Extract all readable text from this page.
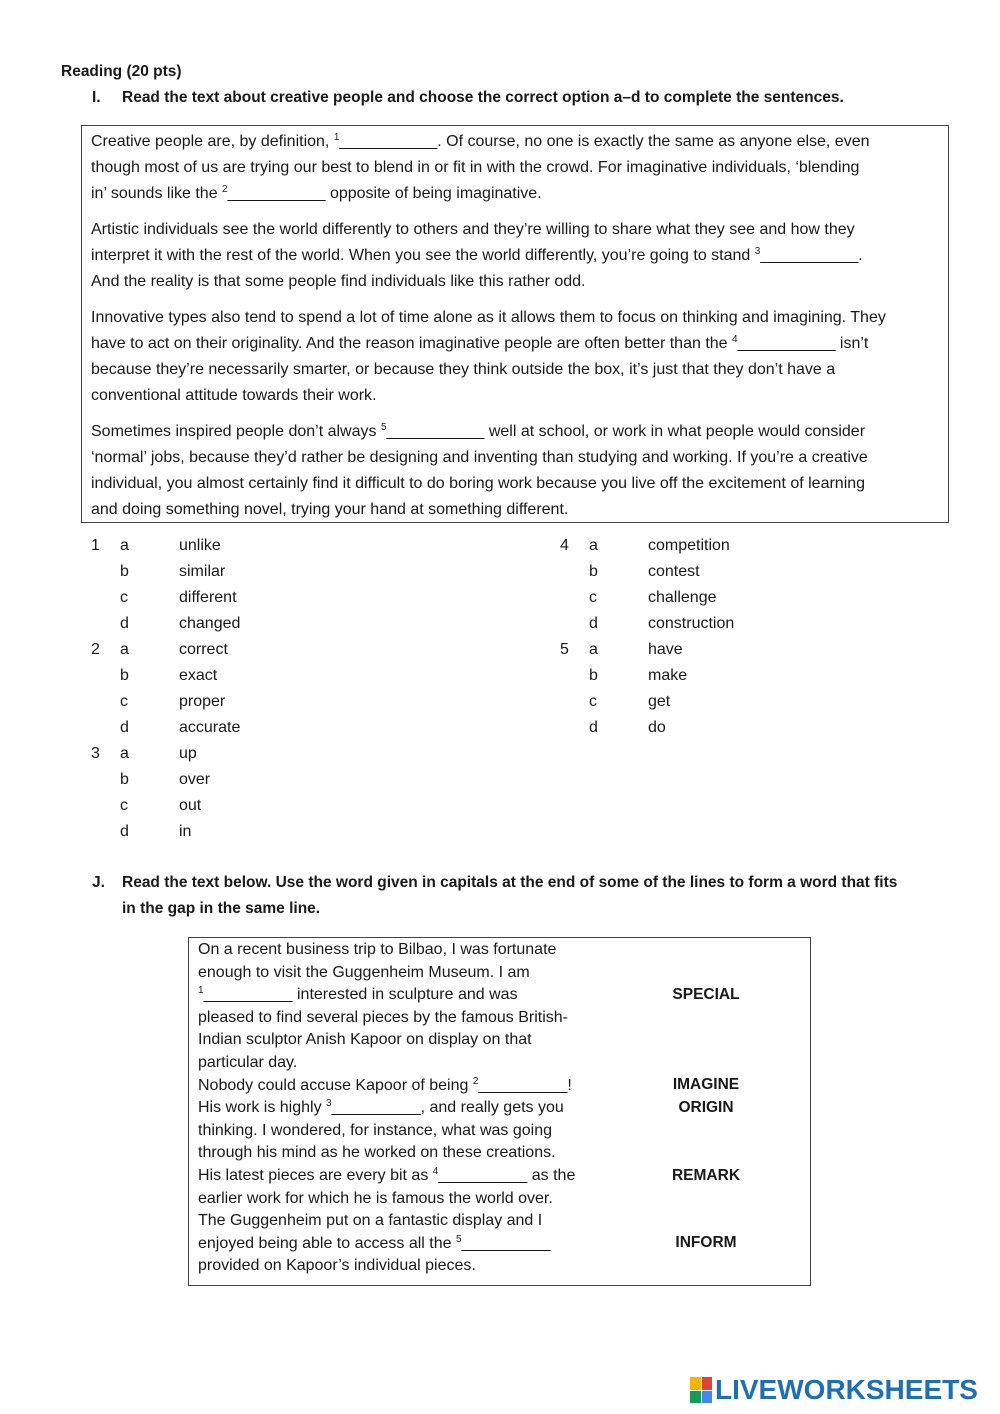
Reading (20 pts)
I. Read the text about creative people and choose the correct option a–d to complete the sentences.

Creative people are, by definition, $^1$___________. Of course, no one is exactly the same as anyone else, even
though most of us are trying our best to blend in or fit in with the crowd. For imaginative individuals, ‘blending
in’ sounds like the $^2$___________ opposite of being imaginative.

Artistic individuals see the world differently to others and they’re willing to share what they see and how they
interpret it with the rest of the world. When you see the world differently, you’re going to stand $^3$___________.
And the reality is that some people find individuals like this rather odd.

Innovative types also tend to spend a lot of time alone as it allows them to focus on thinking and imagining. They
have to act on their originality. And the reason imaginative people are often better than the $^4$___________ isn’t
because they’re necessarily smarter, or because they think outside the box, it’s just that they don’t have a
conventional attitude towards their work.

Sometimes inspired people don’t always $^5$___________ well at school, or work in what people would consider
‘normal’ jobs, because they’d rather be designing and inventing than studying and working. If you’re a creative
individual, you almost certainly find it difficult to do boring work because you live off the excitement of learning
and doing something novel, trying your hand at something different.

1 a	unlike
b	similar
c	different
d	changed
2 a	correct
b	exact
c	proper
d	accurate
3 a	up
b	over
c	out
d	in
4 a	competition
b	contest
c	challenge
d	construction
5 a	have
b	make
c	get
d	do
J. Read the text below. Use the word given in capitals at the end of some of the lines to form a word that fits
in the gap in the same line.
On a recent business trip to Bilbao, I was fortunate
enough to visit the Guggenheim Museum. I am
$^1$__________ interested in sculpture and was
pleased to find several pieces by the famous British-
Indian sculptor Anish Kapoor on display on that
particular day.
Nobody could accuse Kapoor of being $^2$__________!
His work is highly $^3$__________, and really gets you
thinking. I wondered, for instance, what was going
through his mind as he worked on these creations.
His latest pieces are every bit as $^4$__________ as the
earlier work for which he is famous the world over.
The Guggenheim put on a fantastic display and I
enjoyed being able to access all the $^5$__________
provided on Kapoor’s individual pieces.
SPECIAL
IMAGINE
ORIGIN
REMARK
INFORM
LIVEWORKSHEETS
